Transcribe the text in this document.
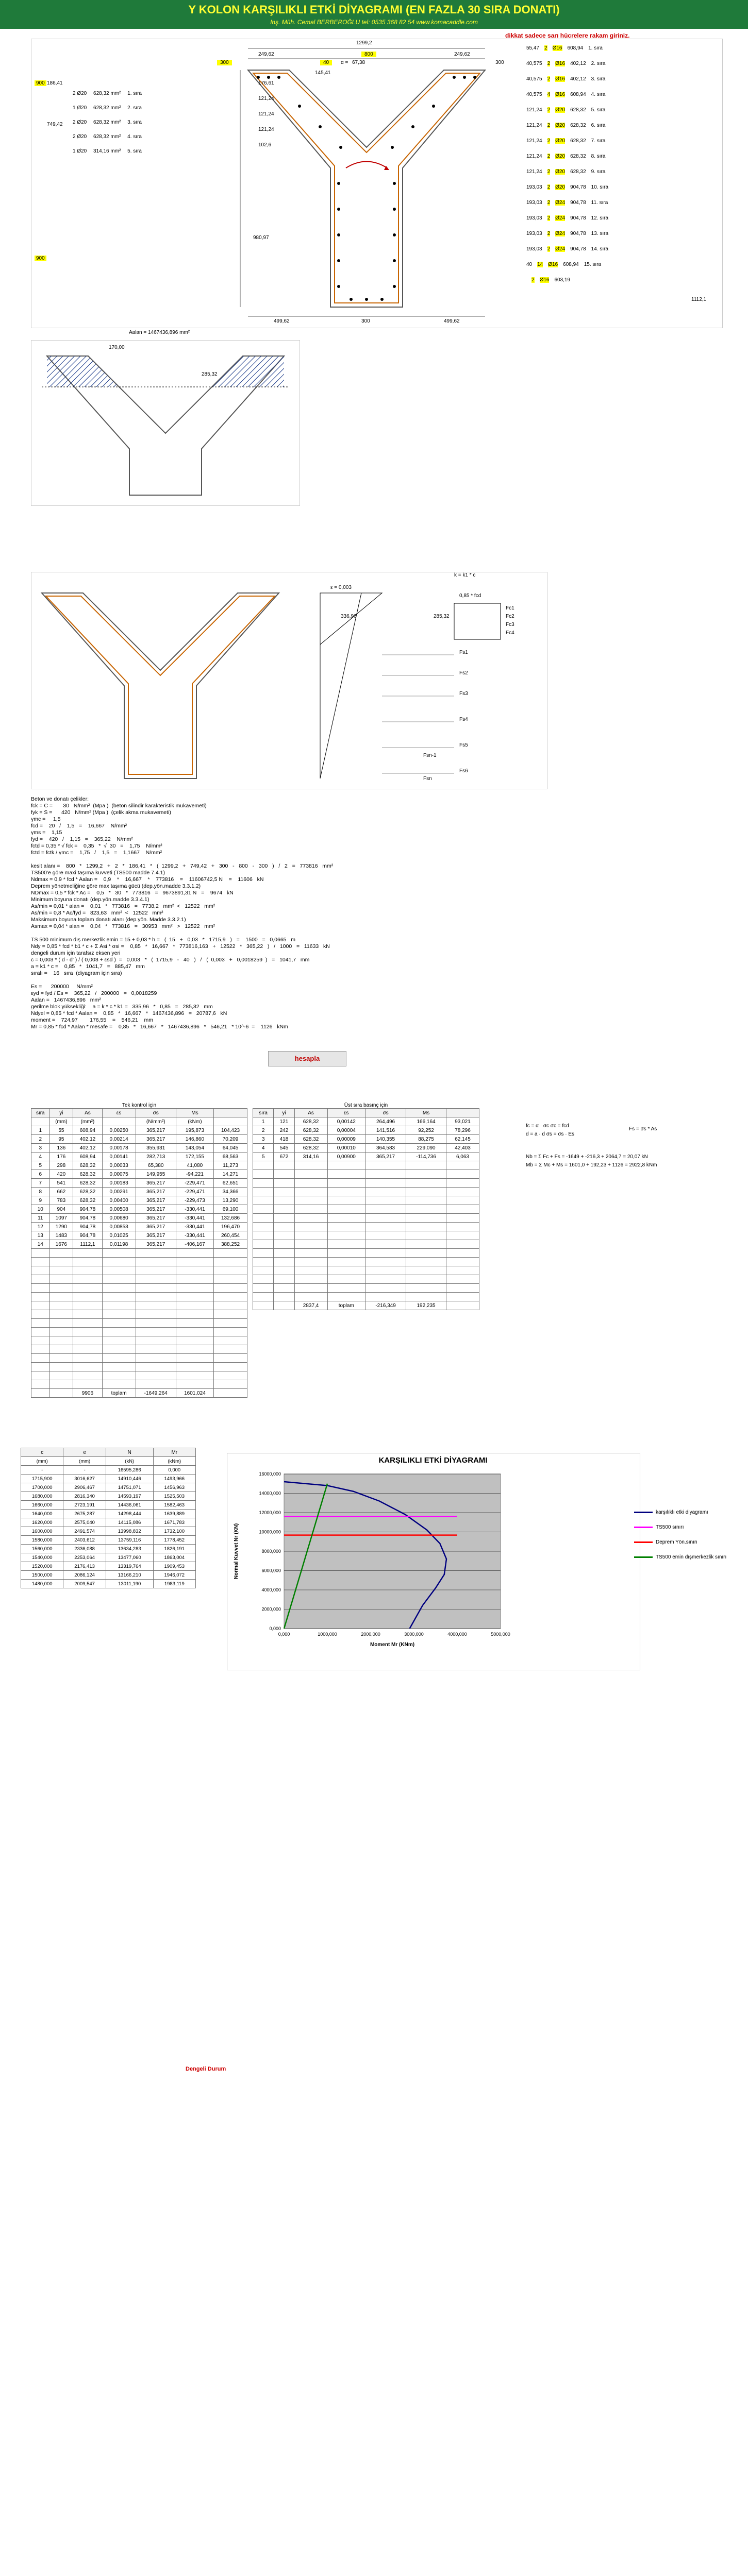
Y KOLON KARŞILIKLI ETKİ DİYAGRAMI (EN FAZLA 30 SIRA DONATI)
Inş. Müh. Cemal BERBEROĞLU tel: 0535 368 82 54 www.komacaddle.com
dikkat sadece sarı hücrelere rakam giriniz.
1299,2
249,62	800	249,62
300	40	α = 67,38	300
900
900
186,41
749,42
980,97
176,61
145,41
121,24
121,24
121,24
102,6
2 Ø20 628,32 mm² 1. sıra
1 Ø20 628,32 mm² 2. sıra
2 Ø20 628,32 mm² 3. sıra
2 Ø20 628,32 mm² 4. sıra
1 Ø20 314,16 mm² 5. sıra
55,47 2 Ø16 608,94 1. sıra
40,575 2 Ø16 402,12 2. sıra
40,575 2 Ø16 402,12 3. sıra
40,575 4 Ø16 608,94 4. sıra
121,24 2 Ø20 628,32 5. sıra
121,24 2 Ø20 628,32 6. sıra
121,24 2 Ø20 628,32 7. sıra
121,24 2 Ø20 628,32 8. sıra
121,24 2 Ø20 628,32 9. sıra
193,03 2 Ø20 904,78 10. sıra
193,03 2 Ø24 904,78 11. sıra
193,03 2 Ø24 904,78 12. sıra
193,03 2 Ø24 904,78 13. sıra
193,03 2 Ø24 904,78 14. sıra
40 14 Ø16 608,94 15. sıra
2 Ø16 603,19
499,62	300	499,62
1112,1
Aalan = 1467436,896 mm²
170,00
285,32
k = k1 * c
ε = 0,003
0,85 * fcd
336,96	285,32
Fc1
Fc2
Fc3
Fc4
Fs1
Fs2
Fs3
Fs4
Fs5
Fs6
Fsn-1
Fsn
Beton ve donatı çelikler:
fck = C =       30   N/mm²  (Mpa )  (beton silindir karakteristik mukavemeti)
fyk = S =      420   N/mm² (Mpa )  (çelik akma mukavemeti)
γmc =     1,5
fcd =    20   /    1,5   =    16,667    N/mm²
γms =    1,15
fyd =    420   /    1,15   =    365,22    N/mm²
fctd = 0,35 * √ fck =    0,35   *  √  30   =    1,75    N/mm²
fctd = fctk / γmc =    1,75   /    1,5   =    1,1667    N/mm²
kesit alanı =    800   *   1299,2   +   2   *   186,41   *   (  1299,2   +   749,42   +   300   -   800   -   300   )   /   2   =   773816   mm²
TS500'e göre maxi taşıma kuvveti (TS500 madde 7.4.1)
Ndmax = 0,9 * fcd * Aalan =    0,9    *    16,667    *    773816    =    11606742,5 N    =    11606   kN
Deprem yönetmeliğine göre max taşıma gücü (dep.yön.madde 3.3.1.2)
NDmax = 0,5 * fck * Ac =    0,5   *   30   *   773816   =   9673891,31 N   =    9674   kN
Minimum boyuna donatı (dep.yön.madde 3.3.4.1)
As/min = 0,01 * alan =    0,01   *   773816   =   7738,2   mm²  <   12522   mm²
As/min = 0,8 * Ac/fyd =   823,63   mm²  <   12522   mm²
Maksimum boyuna toplam donatı alanı (dep.yön. Madde 3.3.2.1)
Asmax = 0,04 * alan =    0,04   *   773816   =   30953   mm²   >   12522   mm²
TS 500 minimum dış merkezlik emin = 15 + 0,03 * h =   (  15   +   0,03   *   1715,9   )   =    1500   =   0,0665   m
Ndy = 0,85 * fcd * b1 * c + Σ Asi * σsi =    0,85   *   16,667   *   773816,163   +   12522   *   365,22   )   /   1000   =   11633   kN
dengeli durum için tarafsız eksen yeri
c = 0,003 * ( d - d' ) / ( 0,003 + εsd )  =   0,003   *   (  1715,9   -   40   )   /   (  0,003   +   0,0018259  )   =   1041,7   mm
a = k1 * c =    0,85   *   1041,7   =   885,47   mm
sıralı =    16   sıra  (diyagram için sıra)
Es =      200000     N/mm²
εyd = fyd / Es =    365,22   /   200000   =   0,0018259
Aalan =   1467436,896   mm²
gerilme blok yüksekliği:    a = k * c * k1 =   335,96   *   0,85   =   285,32   mm
Ndyel = 0,85 * fcd * Aalan =    0,85   *   16,667   *   1467436,896   =   20787,6   kN
moment =    724,97        176,55    =    546,21    mm
Mr = 0,85 * fcd * Aalan * mesafe =    0,85   *   16,667   *   1467436,896   *   546,21   * 10^-6  =    1126   kNm
hesapla
Tek kontrol için
sıra	yi	As	εs	σs	Ms	
	(mm)	(mm²)		(N/mm²)	(kNm)	
1	55	608,94	0,00250	365,217	195,873	104,423
2	95	402,12	0,00214	365,217	146,860	70,209
3	136	402,12	0,00178	355,931	143,054	64,045
4	176	608,94	0,00141	282,713	172,155	68,563
5	298	628,32	0,00033	65,380	41,080	11,273
6	420	628,32	0,00075	149,955	-94,221	14,271
7	541	628,32	0,00183	365,217	-229,471	62,651
8	662	628,32	0,00291	365,217	-229,471	34,366
9	783	628,32	0,00400	365,217	-229,473	13,290
10	904	904,78	0,00508	365,217	-330,441	69,100
11	1097	904,78	0,00680	365,217	-330,441	132,686
12	1290	904,78	0,00853	365,217	-330,441	196,470
13	1483	904,78	0,01025	365,217	-330,441	260,454
14	1676	1112,1	0,01198	365,217	-406,167	388,252

		9906	toplam	-1649,264	1601,024	
Üst sıra basınç için
sıra	yi	As	εs	σs	Ms	
1	121	628,32	0,00142	264,496	166,164	93,021
2	242	628,32	0,00004	141,516	92,252	78,296
3	418	628,32	0,00009	140,355	88,275	62,145
4	545	628,32	0,00010	364,583	229,090	42,403
5	672	314,16	0,00900	365,217	-114,736	6,063

		2837,4	toplam	-216,349	192,235	
fc = α · σc σc = fcd
d = a · d σs = σs · Es
Fs = σs * As
Nb = Σ Fc + Fs = -1649 + -216,3 + 2064,7 = 20,07 kN
Mb = Σ Mc + Ms = 1601,0 + 192,23 + 1126 = 2922,8 kNm
c	e	N	Mr
(mm)	(mm)	(kN)	(kNm)
-	-	16595,286	0,000
1715,900	3016,627	14910,446	1493,966
1700,000	2906,467	14751,071	1456,963
1680,000	2816,340	14593,197	1525,503
1660,000	2723,191	14436,061	1582,463
1640,000	2675,287	14298,444	1639,889
1620,000	2575,040	14115,086	1671,783
1600,000	2491,574	13998,832	1732,100
1580,000	2403,612	13759,116	1778,452
1560,000	2336,088	13634,283	1826,191
1540,000	2253,064	13477,060	1863,004
1520,000	2176,413	13319,764	1909,453
1500,000	2086,124	13166,210	1946,072
1480,000	2009,547	13011,190	1983,119
Dengeli Durum
0,000
2000,000
4000,000
6000,000
8000,000
10000,000
12000,000
14000,000
16000,000
0,000	1000,000	2000,000	3000,000	4000,000	5000,000
Moment Mr (KNm)
Normal Kuvvet Nr (KN)
KARŞILIKLI ETKİ DİYAGRAMI
karşılıklı etki diyagramı
TS500 sınırı
Deprem Yön.sınırı
TS500 emin dışmerkezlik sınırı
